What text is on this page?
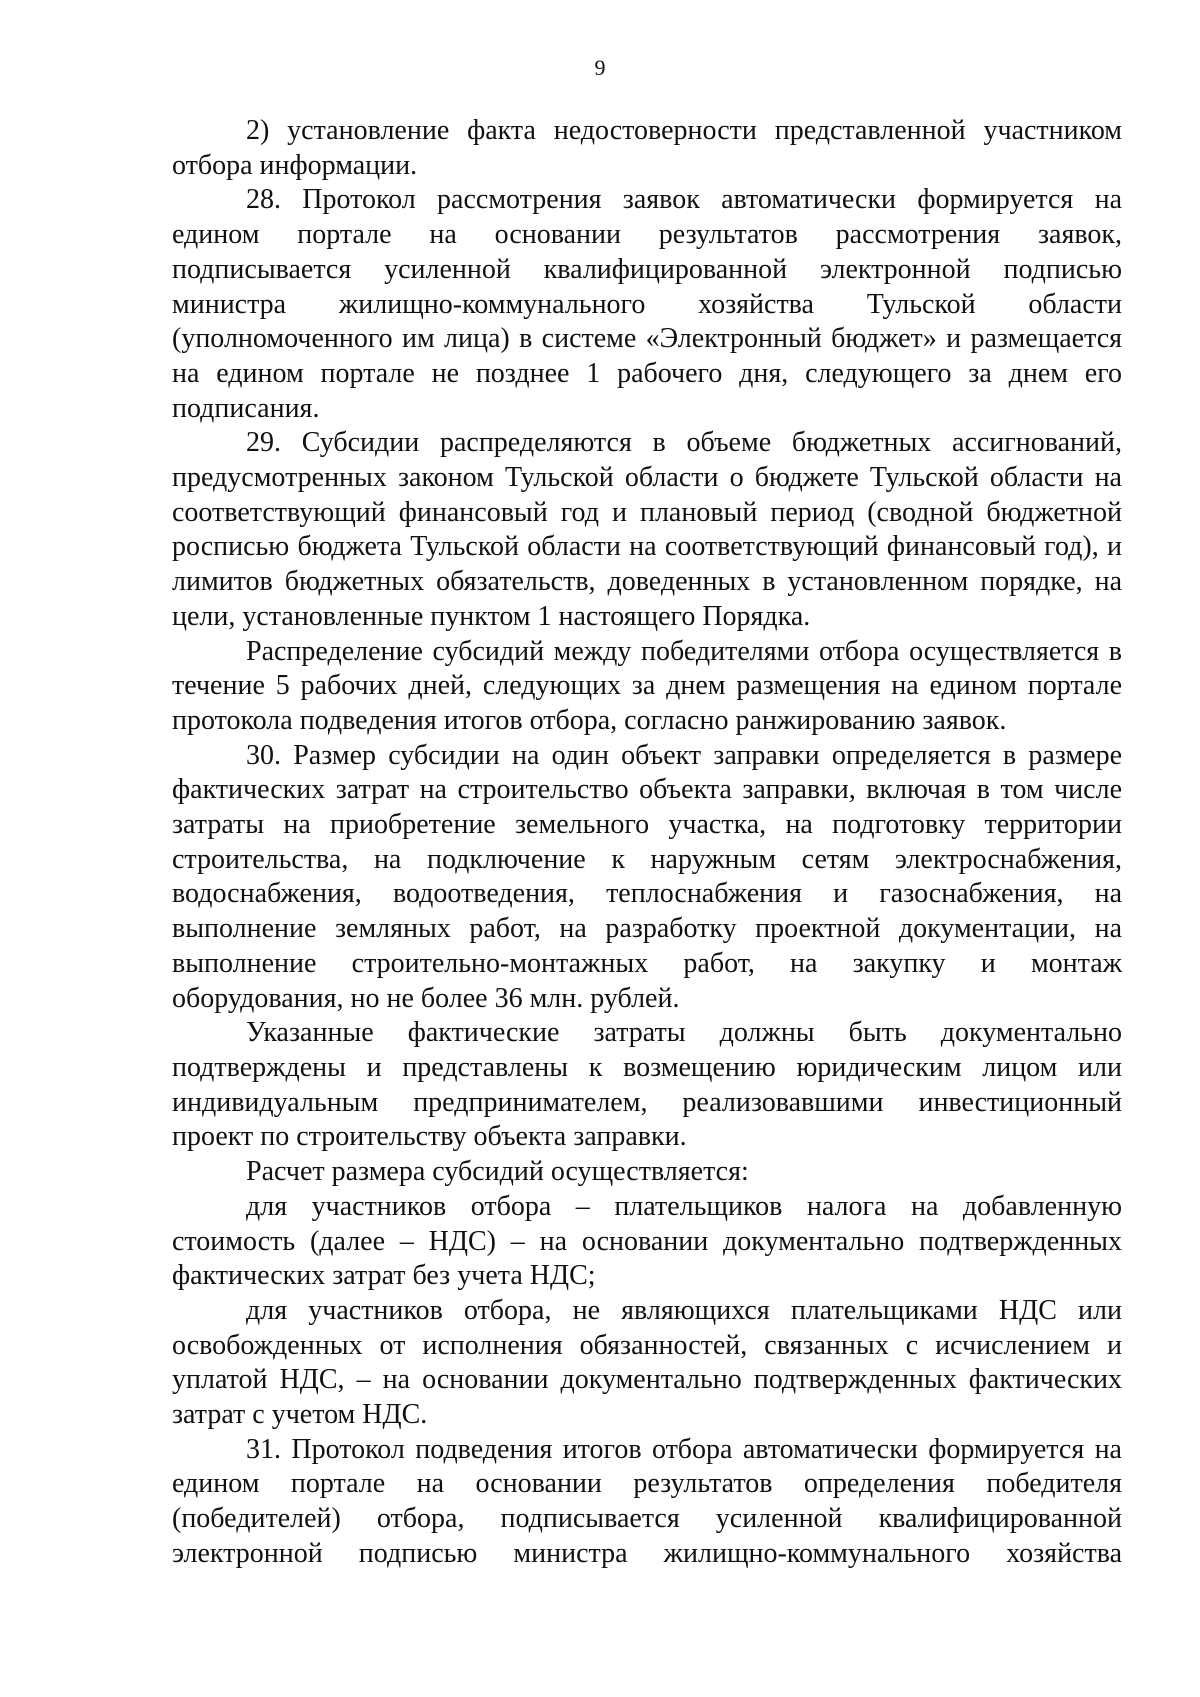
9

2) установление факта недостоверности представленной участником отбора информации.

28. Протокол рассмотрения заявок автоматически формируется на едином портале на основании результатов рассмотрения заявок, подписывается усиленной квалифицированной электронной подписью министра жилищно-коммунального хозяйства Тульской области (уполномоченного им лица) в системе «Электронный бюджет» и размещается на едином портале не позднее 1 рабочего дня, следующего за днем его подписания.

29. Субсидии распределяются в объеме бюджетных ассигнований, предусмотренных законом Тульской области о бюджете Тульской области на соответствующий финансовый год и плановый период (сводной бюджетной росписью бюджета Тульской области на соответствующий финансовый год), и лимитов бюджетных обязательств, доведенных в установленном порядке, на цели, установленные пунктом 1 настоящего Порядка.

Распределение субсидий между победителями отбора осуществляется в течение 5 рабочих дней, следующих за днем размещения на едином портале протокола подведения итогов отбора, согласно ранжированию заявок.

30. Размер субсидии на один объект заправки определяется в размере фактических затрат на строительство объекта заправки, включая в том числе затраты на приобретение земельного участка, на подготовку территории строительства, на подключение к наружным сетям электроснабжения, водоснабжения, водоотведения, теплоснабжения и газоснабжения, на выполнение земляных работ, на разработку проектной документации, на выполнение строительно-монтажных работ, на закупку и монтаж оборудования, но не более 36 млн. рублей.

Указанные фактические затраты должны быть документально подтверждены и представлены к возмещению юридическим лицом или индивидуальным предпринимателем, реализовавшими инвестиционный проект по строительству объекта заправки.

Расчет размера субсидий осуществляется:

для участников отбора – плательщиков налога на добавленную стоимость (далее – НДС) – на основании документально подтвержденных фактических затрат без учета НДС;

для участников отбора, не являющихся плательщиками НДС или освобожденных от исполнения обязанностей, связанных с исчислением и уплатой НДС, – на основании документально подтвержденных фактических затрат с учетом НДС.

31. Протокол подведения итогов отбора автоматически формируется на едином портале на основании результатов определения победителя (победителей) отбора, подписывается усиленной квалифицированной электронной подписью министра жилищно-коммунального хозяйства
